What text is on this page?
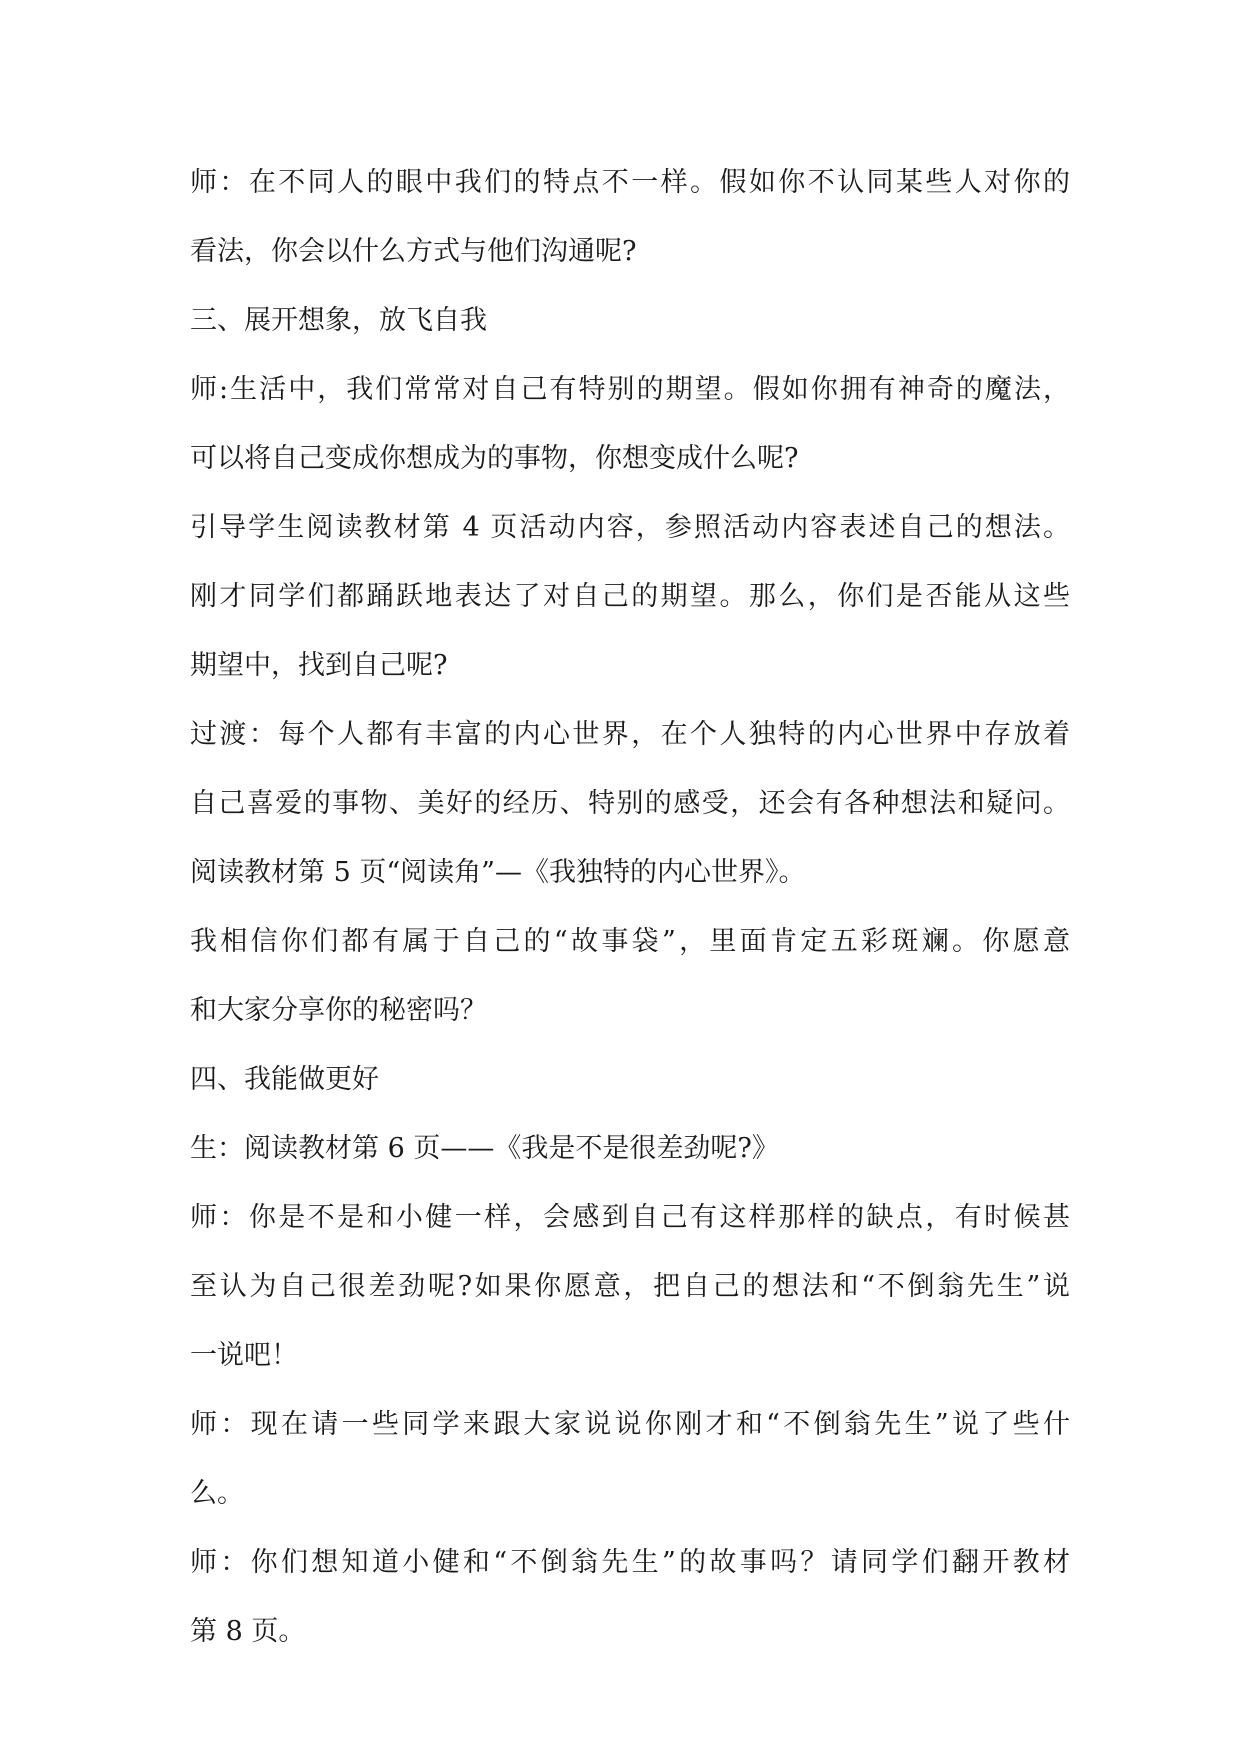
师：在不同人的眼中我们的特点不一样。假如你不认同某些人对你的
看法，你会以什么方式与他们沟通呢?
三、展开想象，放飞自我
师:生活中，我们常常对自己有特别的期望。假如你拥有神奇的魔法，
可以将自己变成你想成为的事物，你想变成什么呢?
引导学生阅读教材第 4 页活动内容，参照活动内容表述自己的想法。
刚才同学们都踊跃地表达了对自己的期望。那么，你们是否能从这些
期望中，找到自己呢?
过渡：每个人都有丰富的内心世界，在个人独特的内心世界中存放着
自己喜爱的事物、美好的经历、特别的感受，还会有各种想法和疑问。
阅读教材第 5 页“阅读角”—《我独特的内心世界》。
我相信你们都有属于自己的“故事袋”，里面肯定五彩斑斓。你愿意
和大家分享你的秘密吗？
四、我能做更好
生：阅读教材第 6 页——《我是不是很差劲呢?》
师：你是不是和小健一样，会感到自己有这样那样的缺点，有时候甚
至认为自己很差劲呢?如果你愿意，把自己的想法和“不倒翁先生”说
一说吧！
师：现在请一些同学来跟大家说说你刚才和“不倒翁先生”说了些什
么。
师：你们想知道小健和“不倒翁先生”的故事吗？请同学们翻开教材
第 8 页。
